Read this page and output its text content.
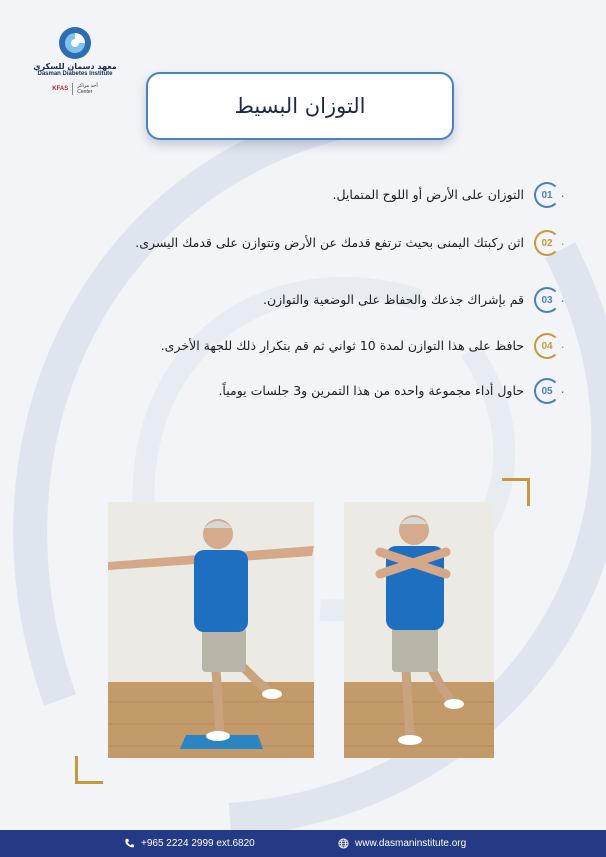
معهد دسمان للسكري
Dasman Diabetes Institute
KFAS أحد مراكز
Center
التوزان البسيط
01 .
التوزان على الأرض أو اللوح المتمايل.
02 .
اثن ركبتك اليمنى بحيث ترتفع قدمك عن الأرض وتتوازن على قدمك اليسرى.
03 .
قم بإشراك جذعك والحفاظ على الوضعية والتوازن.
04 .
حافظ على هذا التوازن لمدة 10 ثواني ثم قم بتكرار ذلك للجهة الأخرى.
05 .
حاول أداء مجموعة واحده من هذا التمرين و3 جلسات يومياً.
+965 2224 2999 ext.6820	www.dasmaninstitute.org
